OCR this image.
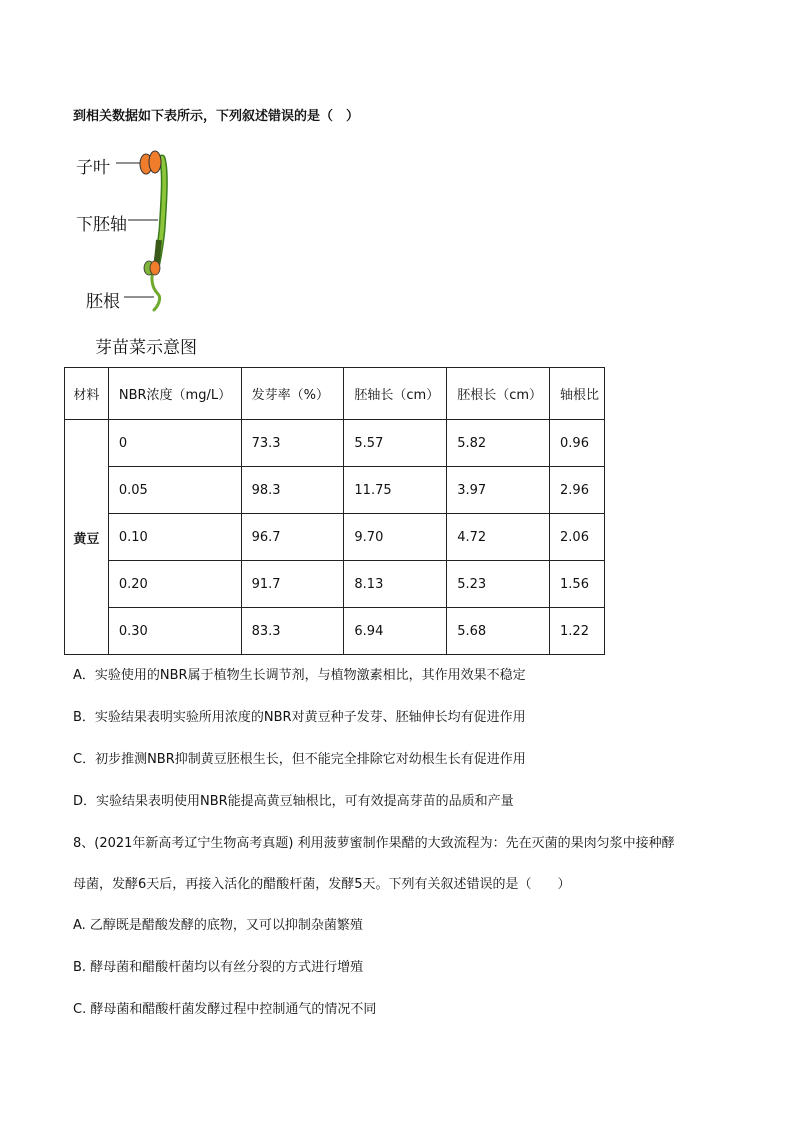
到相关数据如下表所示，下列叙述错误的是（　）
子叶
下胚轴
胚根
芽苗菜示意图
材料	NBR浓度（mg/L）	发芽率（%）	胚轴长（cm）	胚根长（cm）	轴根比
黄豆	0	73.3	5.57	5.82	0.96
	0.05	98.3	11.75	3.97	2.96
	0.10	96.7	9.70	4.72	2.06
	0.20	91.7	8.13	5.23	1.56
	0.30	83.3	6.94	5.68	1.22
A．实验使用的NBR属于植物生长调节剂，与植物激素相比，其作用效果不稳定
B．实验结果表明实验所用浓度的NBR对黄豆种子发芽、胚轴伸长均有促进作用
C．初步推测NBR抑制黄豆胚根生长，但不能完全排除它对幼根生长有促进作用
D．实验结果表明使用NBR能提高黄豆轴根比，可有效提高芽苗的品质和产量
8、(2021年新高考辽宁生物高考真题) 利用菠萝蜜制作果醋的大致流程为：先在灭菌的果肉匀浆中接种酵
母菌，发酵6天后，再接入活化的醋酸杆菌，发酵5天。下列有关叙述错误的是（　　）
A. 乙醇既是醋酸发酵的底物，又可以抑制杂菌繁殖
B. 酵母菌和醋酸杆菌均以有丝分裂的方式进行增殖
C. 酵母菌和醋酸杆菌发酵过程中控制通气的情况不同
